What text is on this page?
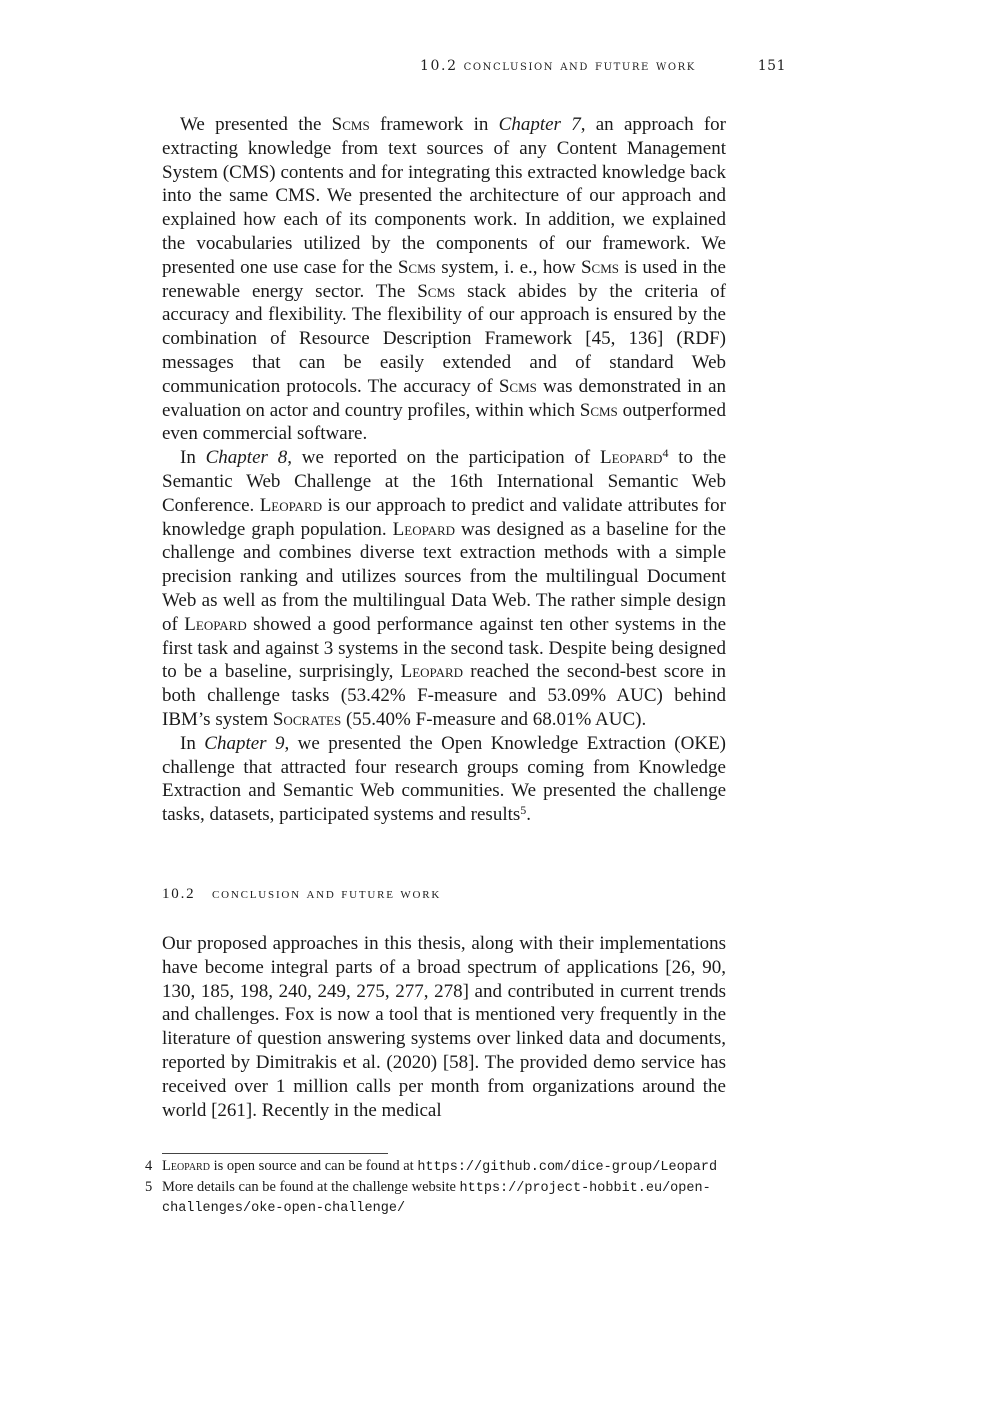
10.2 conclusion and future work	151

We presented the Scms framework in Chapter 7, an approach for extracting knowledge from text sources of any Content Management System (CMS) contents and for integrating this extracted knowledge back into the same CMS. We presented the architecture of our approach and explained how each of its components work. In addition, we explained the vocabularies utilized by the components of our framework. We presented one use case for the Scms system, i. e., how Scms is used in the renewable energy sector. The Scms stack abides by the criteria of accuracy and flexibility. The flexibility of our approach is ensured by the combination of Resource Description Framework [45, 136] (RDF) messages that can be easily extended and of standard Web communication protocols. The accuracy of Scms was demonstrated in an evaluation on actor and country profiles, within which Scms outperformed even commercial software.

In Chapter 8, we reported on the participation of Leopard$^4$ to the Semantic Web Challenge at the 16th International Semantic Web Conference. Leopard is our approach to predict and validate attributes for knowledge graph population. Leopard was designed as a baseline for the challenge and combines diverse text extraction methods with a simple precision ranking and utilizes sources from the multilingual Document Web as well as from the multilingual Data Web. The rather simple design of Leopard showed a good performance against ten other systems in the first task and against 3 systems in the second task. Despite being designed to be a baseline, surprisingly, Leopard reached the second-best score in both challenge tasks (53.42% F-measure and 53.09% AUC) behind IBM’s system Socrates (55.40% F-measure and 68.01% AUC).

In Chapter 9, we presented the Open Knowledge Extraction (OKE) challenge that attracted four research groups coming from Knowledge Extraction and Semantic Web communities. We presented the challenge tasks, datasets, participated systems and results$^5$.

10.2 conclusion and future work

Our proposed approaches in this thesis, along with their implementations have become integral parts of a broad spectrum of applications [26, 90, 130, 185, 198, 240, 249, 275, 277, 278] and contributed in current trends and challenges. Fox is now a tool that is mentioned very frequently in the literature of question answering systems over linked data and documents, reported by Dimitrakis et al. (2020) [58]. The provided demo service has received over 1 million calls per month from organizations around the world [261]. Recently in the medical

4 Leopard is open source and can be found at https://github.com/dice-group/Leopard
5 More details can be found at the challenge website https://project-hobbit.eu/open-challenges/oke-open-challenge/
